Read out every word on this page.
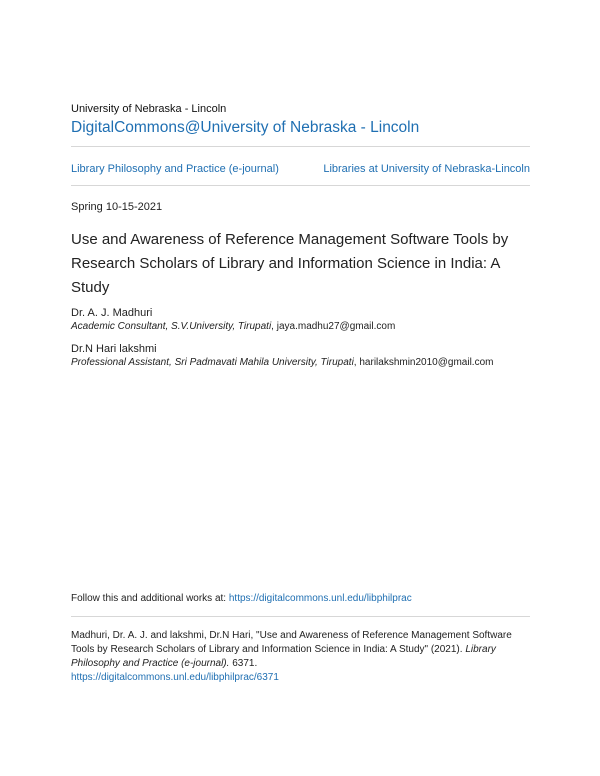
University of Nebraska - Lincoln
DigitalCommons@University of Nebraska - Lincoln
Library Philosophy and Practice (e-journal)	Libraries at University of Nebraska-Lincoln
Spring 10-15-2021
Use and Awareness of Reference Management Software Tools by Research Scholars of Library and Information Science in India: A Study
Dr. A. J. Madhuri
Academic Consultant, S.V.University, Tirupati, jaya.madhu27@gmail.com
Dr.N Hari lakshmi
Professional Assistant, Sri Padmavati Mahila University, Tirupati, harilakshmin2010@gmail.com
Follow this and additional works at: https://digitalcommons.unl.edu/libphilprac
Madhuri, Dr. A. J. and lakshmi, Dr.N Hari, "Use and Awareness of Reference Management Software Tools by Research Scholars of Library and Information Science in India: A Study" (2021). Library Philosophy and Practice (e-journal). 6371.
https://digitalcommons.unl.edu/libphilprac/6371
